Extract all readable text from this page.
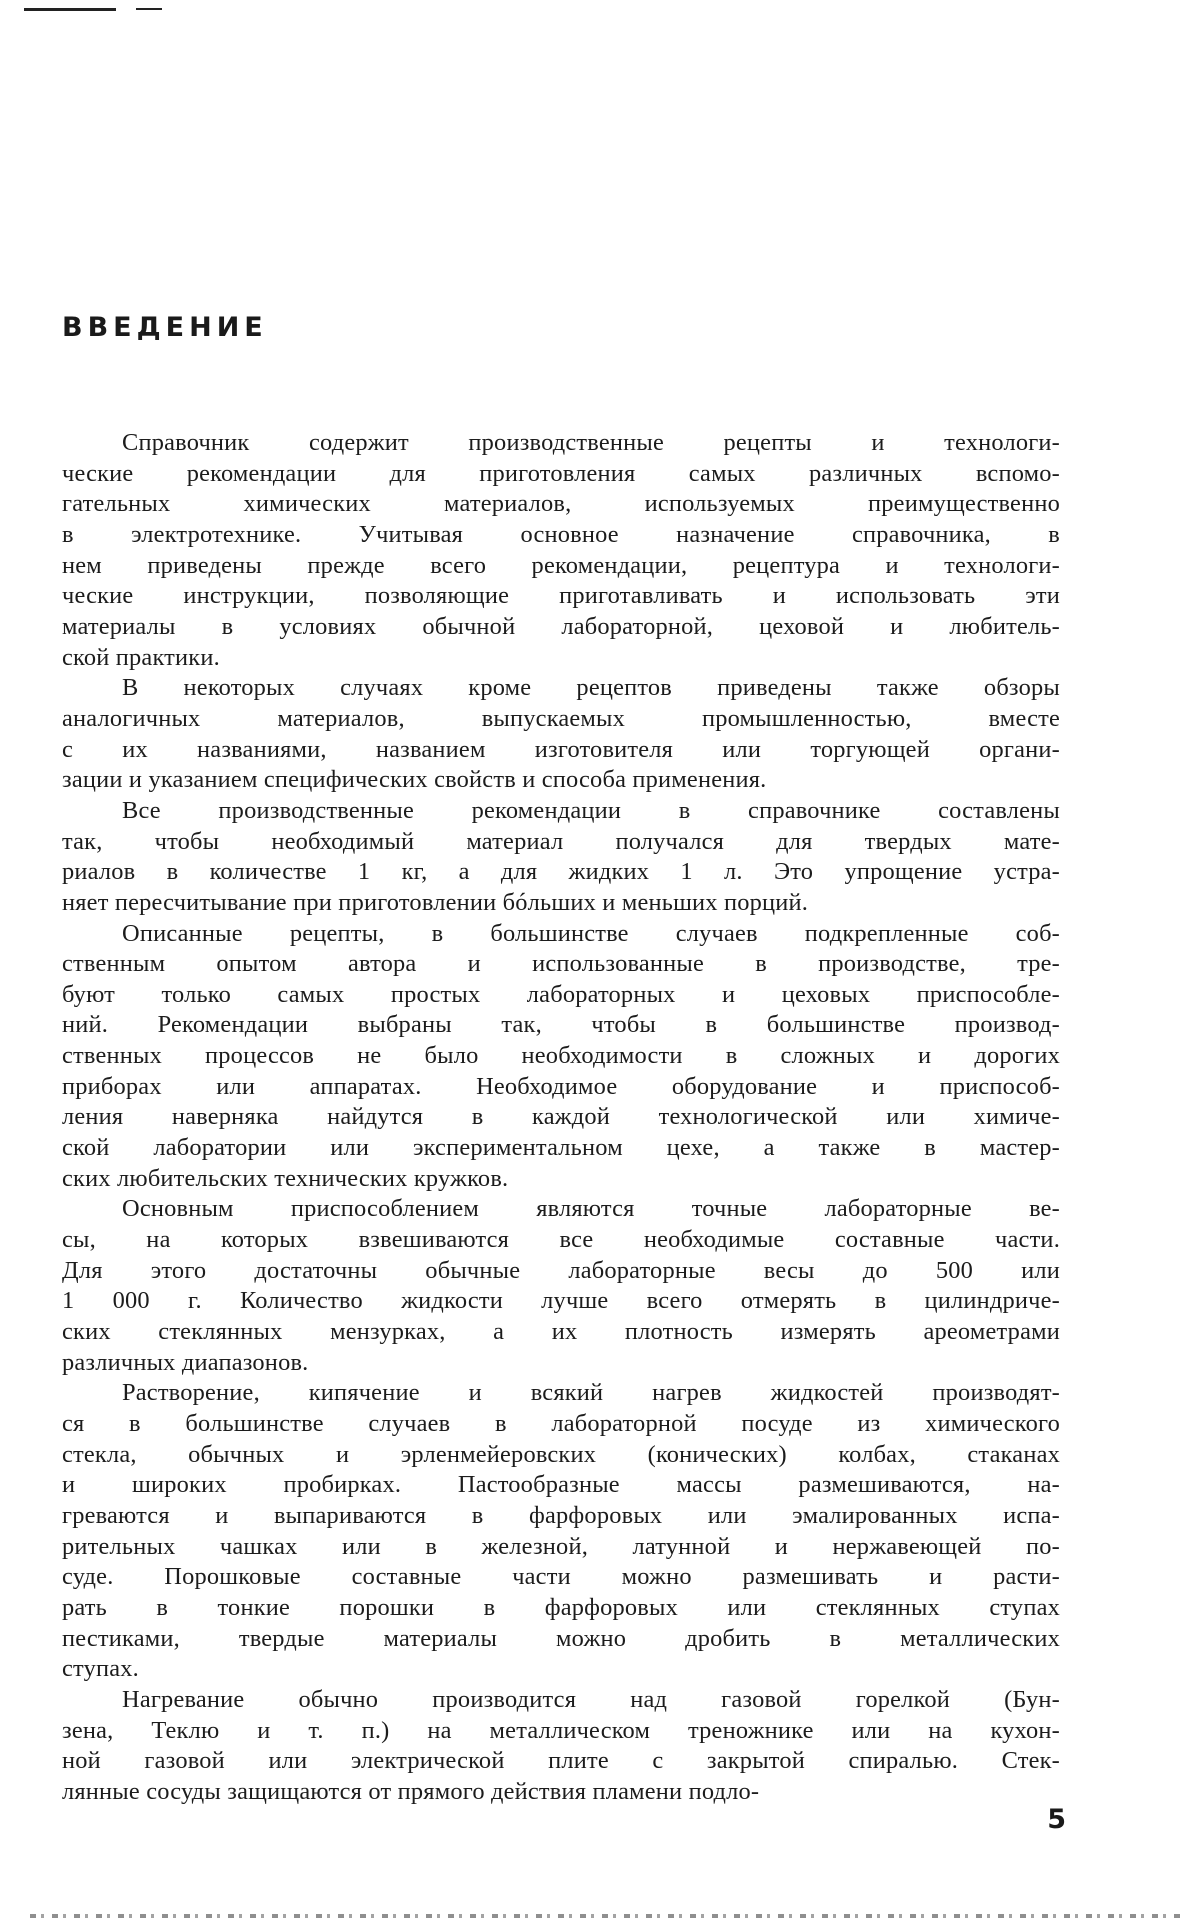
ВВЕДЕНИЕ

Справочник содержит производственные рецепты и технологи-
ческие рекомендации для приготовления самых различных вспомо-
гательных химических материалов, используемых преимущественно
в электротехнике. Учитывая основное назначение справочника, в
нем приведены прежде всего рекомендации, рецептура и технологи-
ческие инструкции, позволяющие приготавливать и использовать эти
материалы в условиях обычной лабораторной, цеховой и любитель-
ской практики.

В некоторых случаях кроме рецептов приведены также обзоры
аналогичных материалов, выпускаемых промышленностью, вместе
с их названиями, названием изготовителя или торгующей органи-
зации и указанием специфических свойств и способа применения.

Все производственные рекомендации в справочнике составлены
так, чтобы необходимый материал получался для твердых мате-
риалов в количестве 1 кг, а для жидких 1 л. Это упрощение устра-
няет пересчитывание при приготовлении бóльших и меньших порций.

Описанные рецепты, в большинстве случаев подкрепленные соб-
ственным опытом автора и использованные в производстве, тре-
буют только самых простых лабораторных и цеховых приспособле-
ний. Рекомендации выбраны так, чтобы в большинстве производ-
ственных процессов не было необходимости в сложных и дорогих
приборах или аппаратах. Необходимое оборудование и приспособ-
ления наверняка найдутся в каждой технологической или химиче-
ской лаборатории или экспериментальном цехе, а также в мастер-
ских любительских технических кружков.

Основным приспособлением являются точные лабораторные ве-
сы, на которых взвешиваются все необходимые составные части.
Для этого достаточны обычные лабораторные весы до 500 или
1 000 г. Количество жидкости лучше всего отмерять в цилиндриче-
ских стеклянных мензурках, а их плотность измерять ареометрами
различных диапазонов.

Растворение, кипячение и всякий нагрев жидкостей производят-
ся в большинстве случаев в лабораторной посуде из химического
стекла, обычных и эрленмейеровских (конических) колбах, стаканах
и широких пробирках. Пастообразные массы размешиваются, на-
греваются и выпариваются в фарфоровых или эмалированных испа-
рительных чашках или в железной, латунной и нержавеющей по-
суде. Порошковые составные части можно размешивать и расти-
рать в тонкие порошки в фарфоровых или стеклянных ступах
пестиками, твердые материалы можно дробить в металлических
ступах.

Нагревание обычно производится над газовой горелкой (Бун-
зена, Теклю и т. п.) на металлическом треножнике или на кухон-
ной газовой или электрической плите с закрытой спиралью. Стек-
лянные сосуды защищаются от прямого действия пламени подло-

5
